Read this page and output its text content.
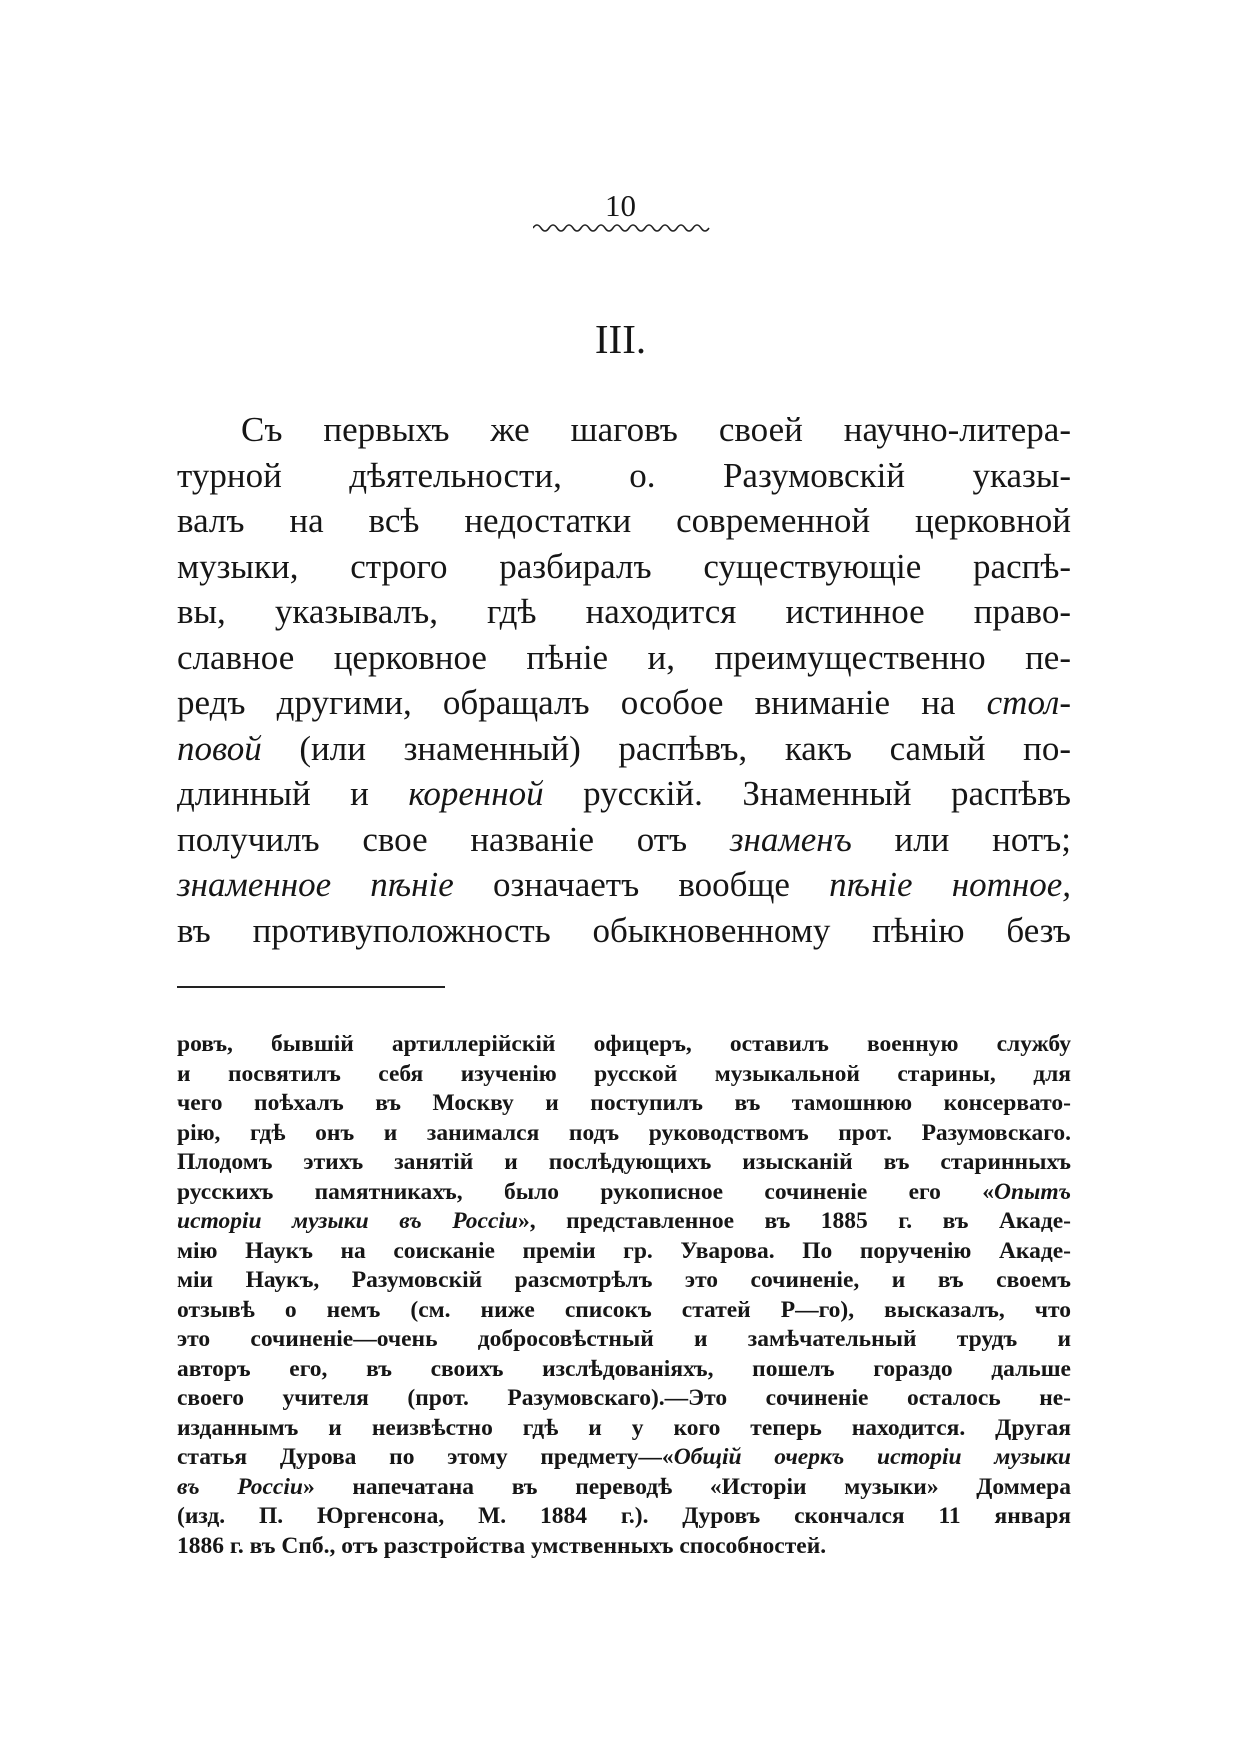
10
III.
Съ первыхъ же шаговъ своей научно-литера-
турной дѣятельности, о. Разумовскій указы-
валъ на всѣ недостатки современной церковной
музыки, строго разбиралъ существующіе распѣ-
вы, указывалъ, гдѣ находится истинное право-
славное церковное пѣніе и, преимущественно пе-
редъ другими, обращалъ особое вниманіе на стол-
повой (или знаменный) распѣвъ, какъ самый по-
длинный и коренной русскій. Знаменный распѣвъ
получилъ свое названіе отъ знаменъ или нотъ;
знаменное пѣніе означаетъ вообще пѣніе нотное,
въ противуположность обыкновенному пѣнію безъ
ровъ, бывшій артиллерійскій офицеръ, оставилъ военную службу
и посвятилъ себя изученію русской музыкальной старины, для
чего поѣхалъ въ Москву и поступилъ въ тамошнюю консервато-
рію, гдѣ онъ и занимался подъ руководствомъ прот. Разумовскаго.
Плодомъ этихъ занятій и послѣдующихъ изысканій въ старинныхъ
русскихъ памятникахъ, было рукописное сочиненіе его «Опытъ
исторіи музыки въ Россіи», представленное въ 1885 г. въ Акаде-
мію Наукъ на соисканіе преміи гр. Уварова. По порученію Акаде-
міи Наукъ, Разумовскій разсмотрѣлъ это сочиненіе, и въ своемъ
отзывѣ о немъ (см. ниже списокъ статей Р—го), высказалъ, что
это сочиненіе—очень добросовѣстный и замѣчательный трудъ и
авторъ его, въ своихъ изслѣдованіяхъ, пошелъ гораздо дальше
своего учителя (прот. Разумовскаго).—Это сочиненіе осталось не-
изданнымъ и неизвѣстно гдѣ и у кого теперь находится. Другая
статья Дурова по этому предмету—«Общій очеркъ исторіи музыки
въ Россіи» напечатана въ переводѣ «Исторіи музыки» Доммера
(изд. П. Юргенсона, М. 1884 г.). Дуровъ скончался 11 января
1886 г. въ Спб., отъ разстройства умственныхъ способностей.
